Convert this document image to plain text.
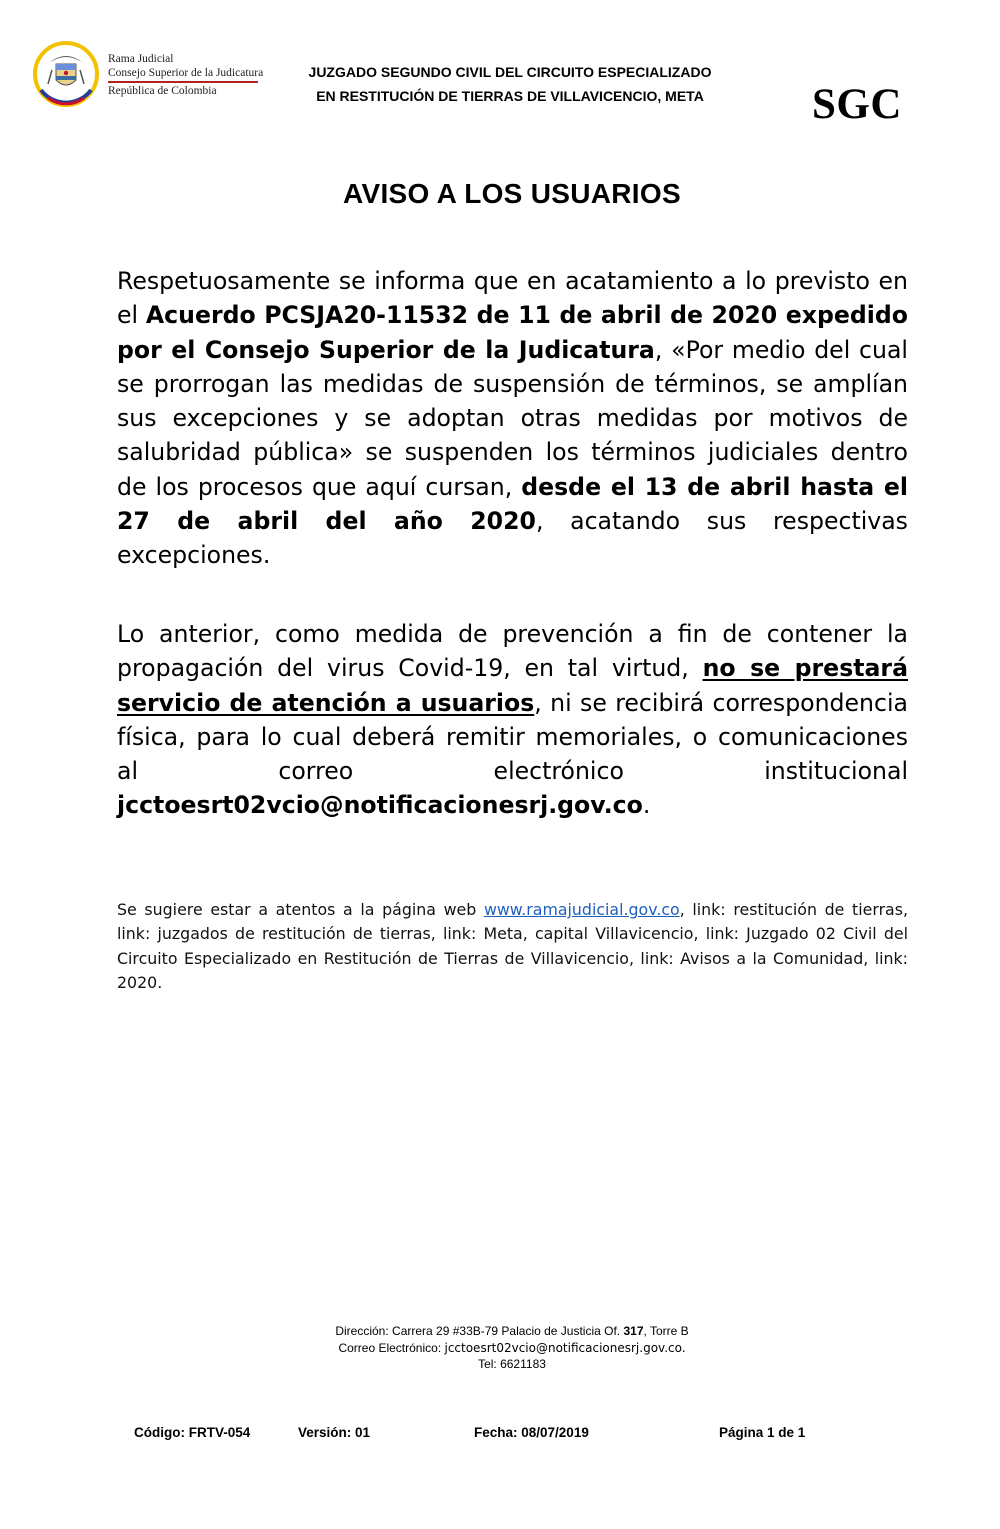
Rama Judicial
Consejo Superior de la Judicatura
República de Colombia
JUZGADO SEGUNDO CIVIL DEL CIRCUITO ESPECIALIZADO
EN RESTITUCIÓN DE TIERRAS DE VILLAVICENCIO, META	SGC
AVISO A LOS USUARIOS
Respetuosamente se informa que en acatamiento a lo previsto en el Acuerdo PCSJA20-11532 de 11 de abril de 2020 expedido por el Consejo Superior de la Judicatura, «Por medio del cual se prorrogan las medidas de suspensión de términos, se amplían sus excepciones y se adoptan otras medidas por motivos de salubridad pública» se suspenden los términos judiciales dentro de los procesos que aquí cursan, desde el 13 de abril hasta el 27 de abril del año 2020, acatando sus respectivas excepciones.
Lo anterior, como medida de prevención a fin de contener la propagación del virus Covid-19, en tal virtud, no se prestará servicio de atención a usuarios, ni se recibirá correspondencia física, para lo cual deberá remitir memoriales, o comunicaciones al correo electrónico institucional jcctoesrt02vcio@notificacionesrj.gov.co.
Se sugiere estar a atentos a la página web www.ramajudicial.gov.co, link: restitución de tierras, link: juzgados de restitución de tierras, link: Meta, capital Villavicencio, link: Juzgado 02 Civil del Circuito Especializado en Restitución de Tierras de Villavicencio, link: Avisos a la Comunidad, link: 2020.
Dirección: Carrera 29 #33B-79 Palacio de Justicia Of. 317, Torre B
Correo Electrónico: jcctoesrt02vcio@notificacionesrj.gov.co.
Tel: 6621183
Código: FRTV-054	Versión: 01	Fecha: 08/07/2019	Página 1 de 1
